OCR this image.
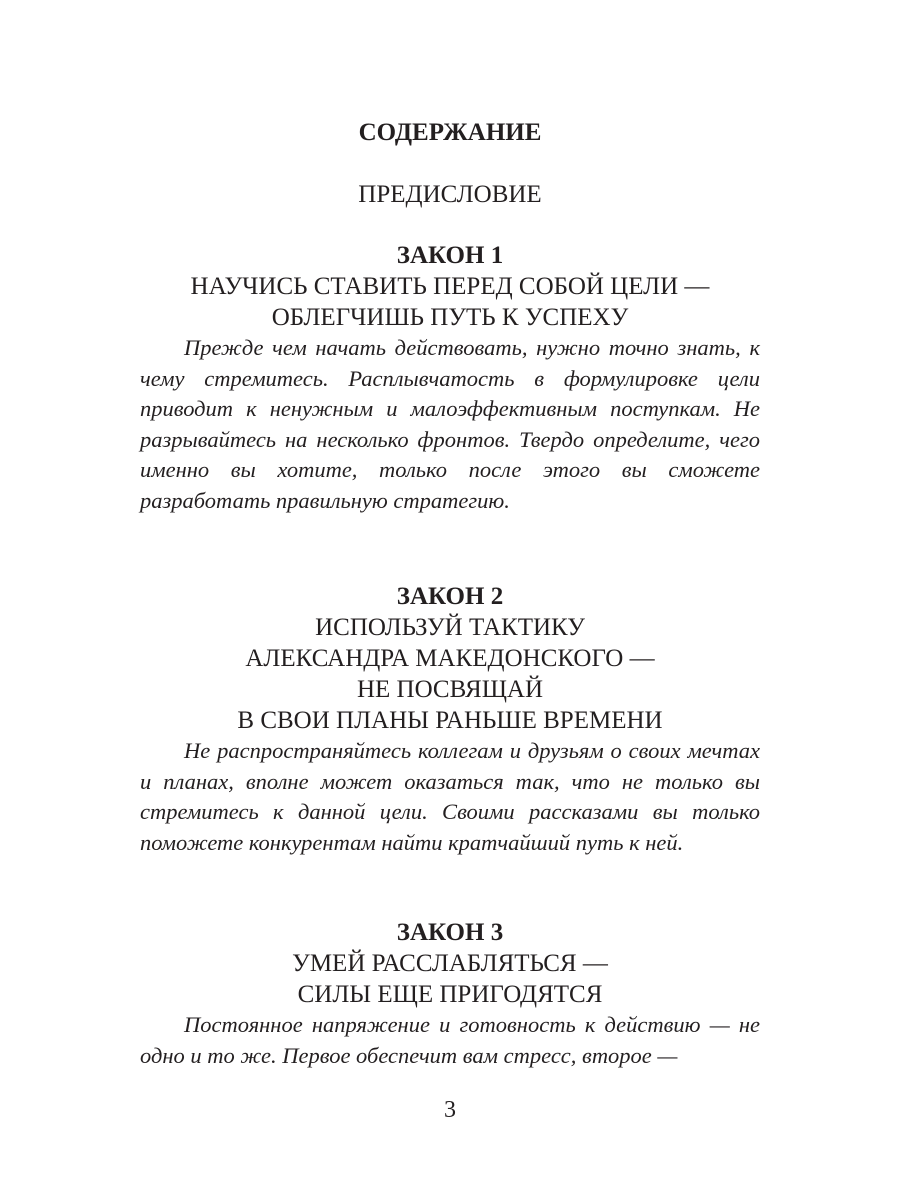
СОДЕРЖАНИЕ
ПРЕДИСЛОВИЕ
ЗАКОН 1
НАУЧИСЬ СТАВИТЬ ПЕРЕД СОБОЙ ЦЕЛИ —
ОБЛЕГЧИШЬ ПУТЬ К УСПЕХУ

Прежде чем начать действовать, нужно точно знать, к чему стремитесь. Расплывчатость в формулировке цели приводит к ненужным и малоэффективным поступкам. Не разрывайтесь на несколько фронтов. Твердо определите, чего именно вы хотите, только после этого вы сможете разработать правильную стратегию.

ЗАКОН 2
ИСПОЛЬЗУЙ ТАКТИКУ
АЛЕКСАНДРА МАКЕДОНСКОГО —
НЕ ПОСВЯЩАЙ
В СВОИ ПЛАНЫ РАНЬШЕ ВРЕМЕНИ

Не распространяйтесь коллегам и друзьям о своих мечтах и планах, вполне может оказаться так, что не только вы стремитесь к данной цели. Своими рассказами вы только поможете конкурентам найти кратчайший путь к ней.

ЗАКОН 3
УМЕЙ РАССЛАБЛЯТЬСЯ —
СИЛЫ ЕЩЕ ПРИГОДЯТСЯ

Постоянное напряжение и готовность к действию — не одно и то же. Первое обеспечит вам стресс, второе —

3
